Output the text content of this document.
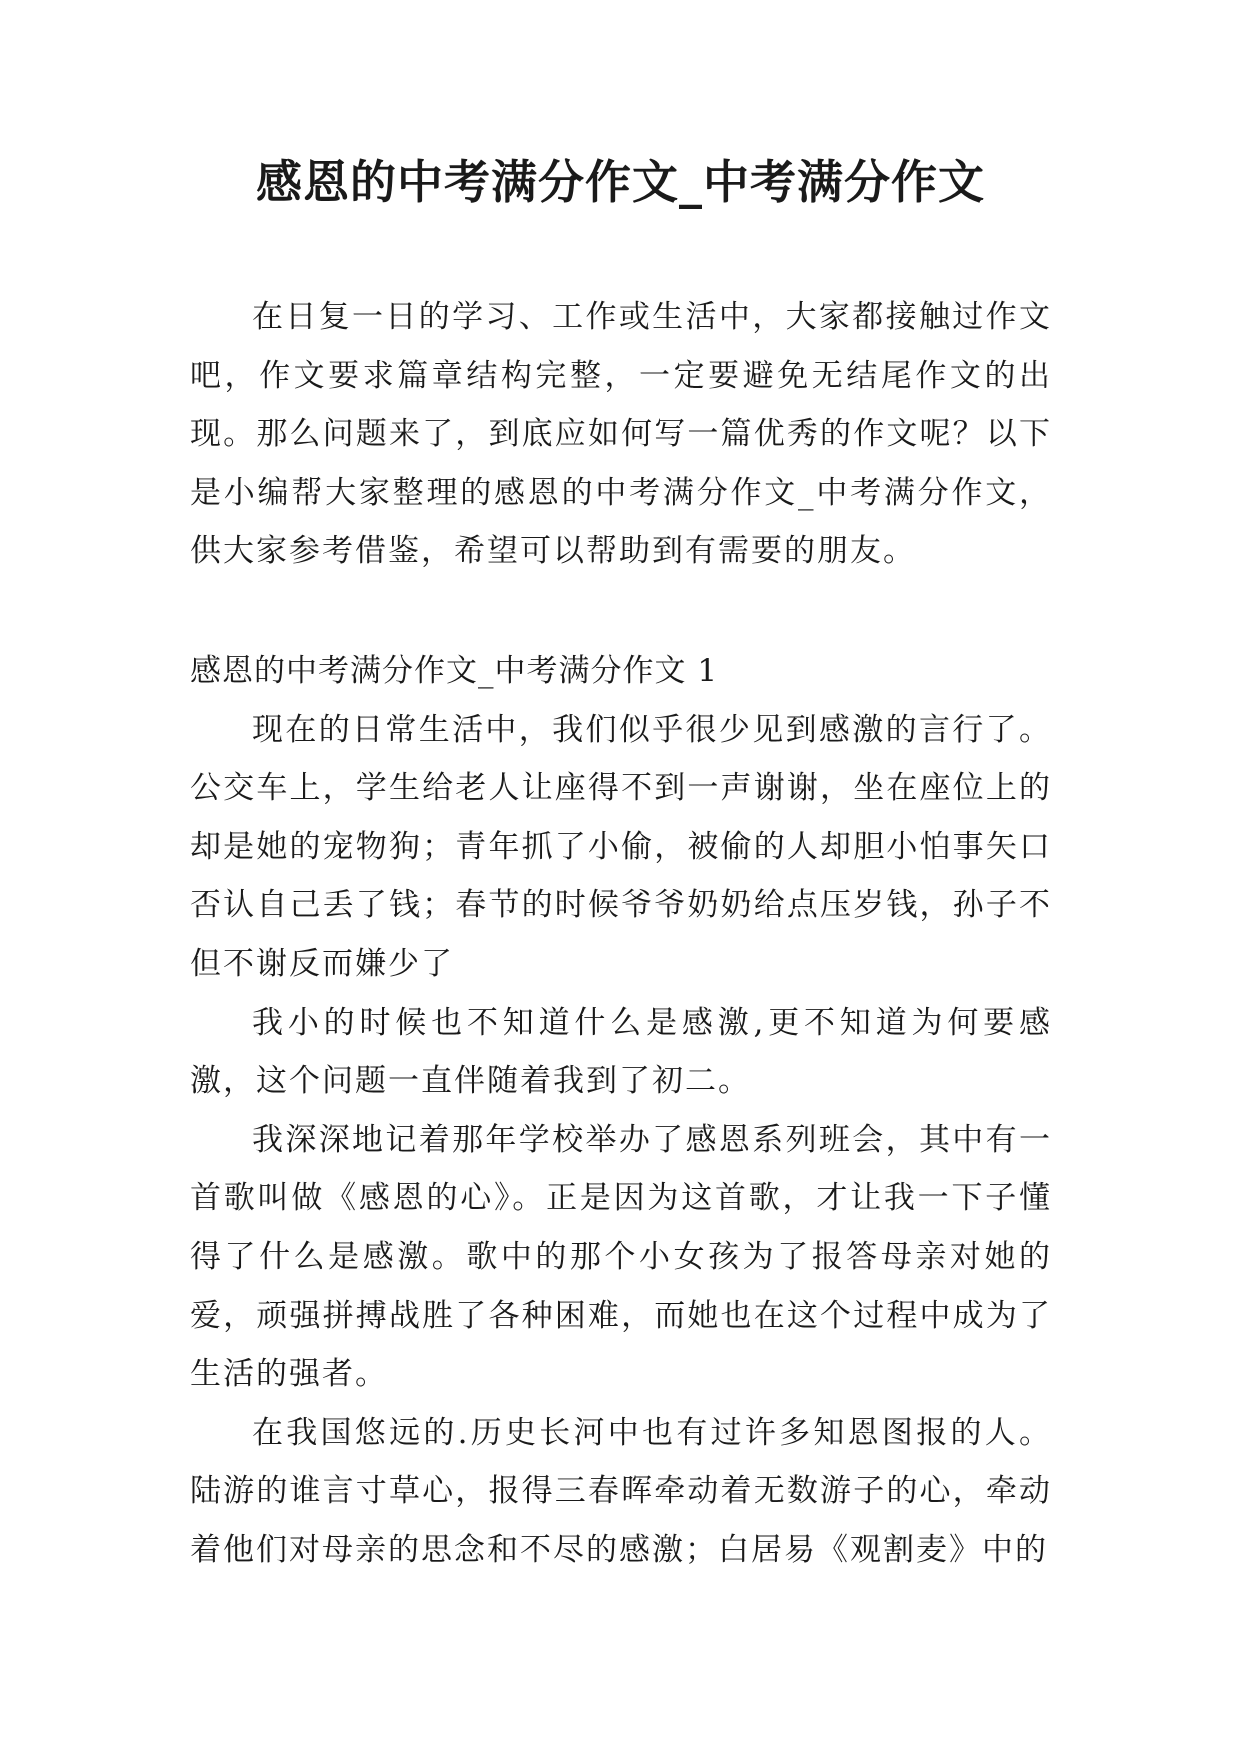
感恩的中考满分作文_中考满分作文

在日复一日的学习、工作或生活中，大家都接触过作文吧，作文要求篇章结构完整，一定要避免无结尾作文的出现。那么问题来了，到底应如何写一篇优秀的作文呢？以下是小编帮大家整理的感恩的中考满分作文_中考满分作文，供大家参考借鉴，希望可以帮助到有需要的朋友。

感恩的中考满分作文_中考满分作文 1

现在的日常生活中，我们似乎很少见到感激的言行了。公交车上，学生给老人让座得不到一声谢谢，坐在座位上的却是她的宠物狗；青年抓了小偷，被偷的人却胆小怕事矢口否认自己丢了钱；春节的时候爷爷奶奶给点压岁钱，孙子不但不谢反而嫌少了

我小的时候也不知道什么是感激,更不知道为何要感激，这个问题一直伴随着我到了初二。

我深深地记着那年学校举办了感恩系列班会，其中有一首歌叫做《感恩的心》。正是因为这首歌，才让我一下子懂得了什么是感激。歌中的那个小女孩为了报答母亲对她的爱，顽强拼搏战胜了各种困难，而她也在这个过程中成为了生活的强者。

在我国悠远的.历史长河中也有过许多知恩图报的人。陆游的谁言寸草心，报得三春晖牵动着无数游子的心，牵动着他们对母亲的思念和不尽的感激；白居易《观割麦》中的
